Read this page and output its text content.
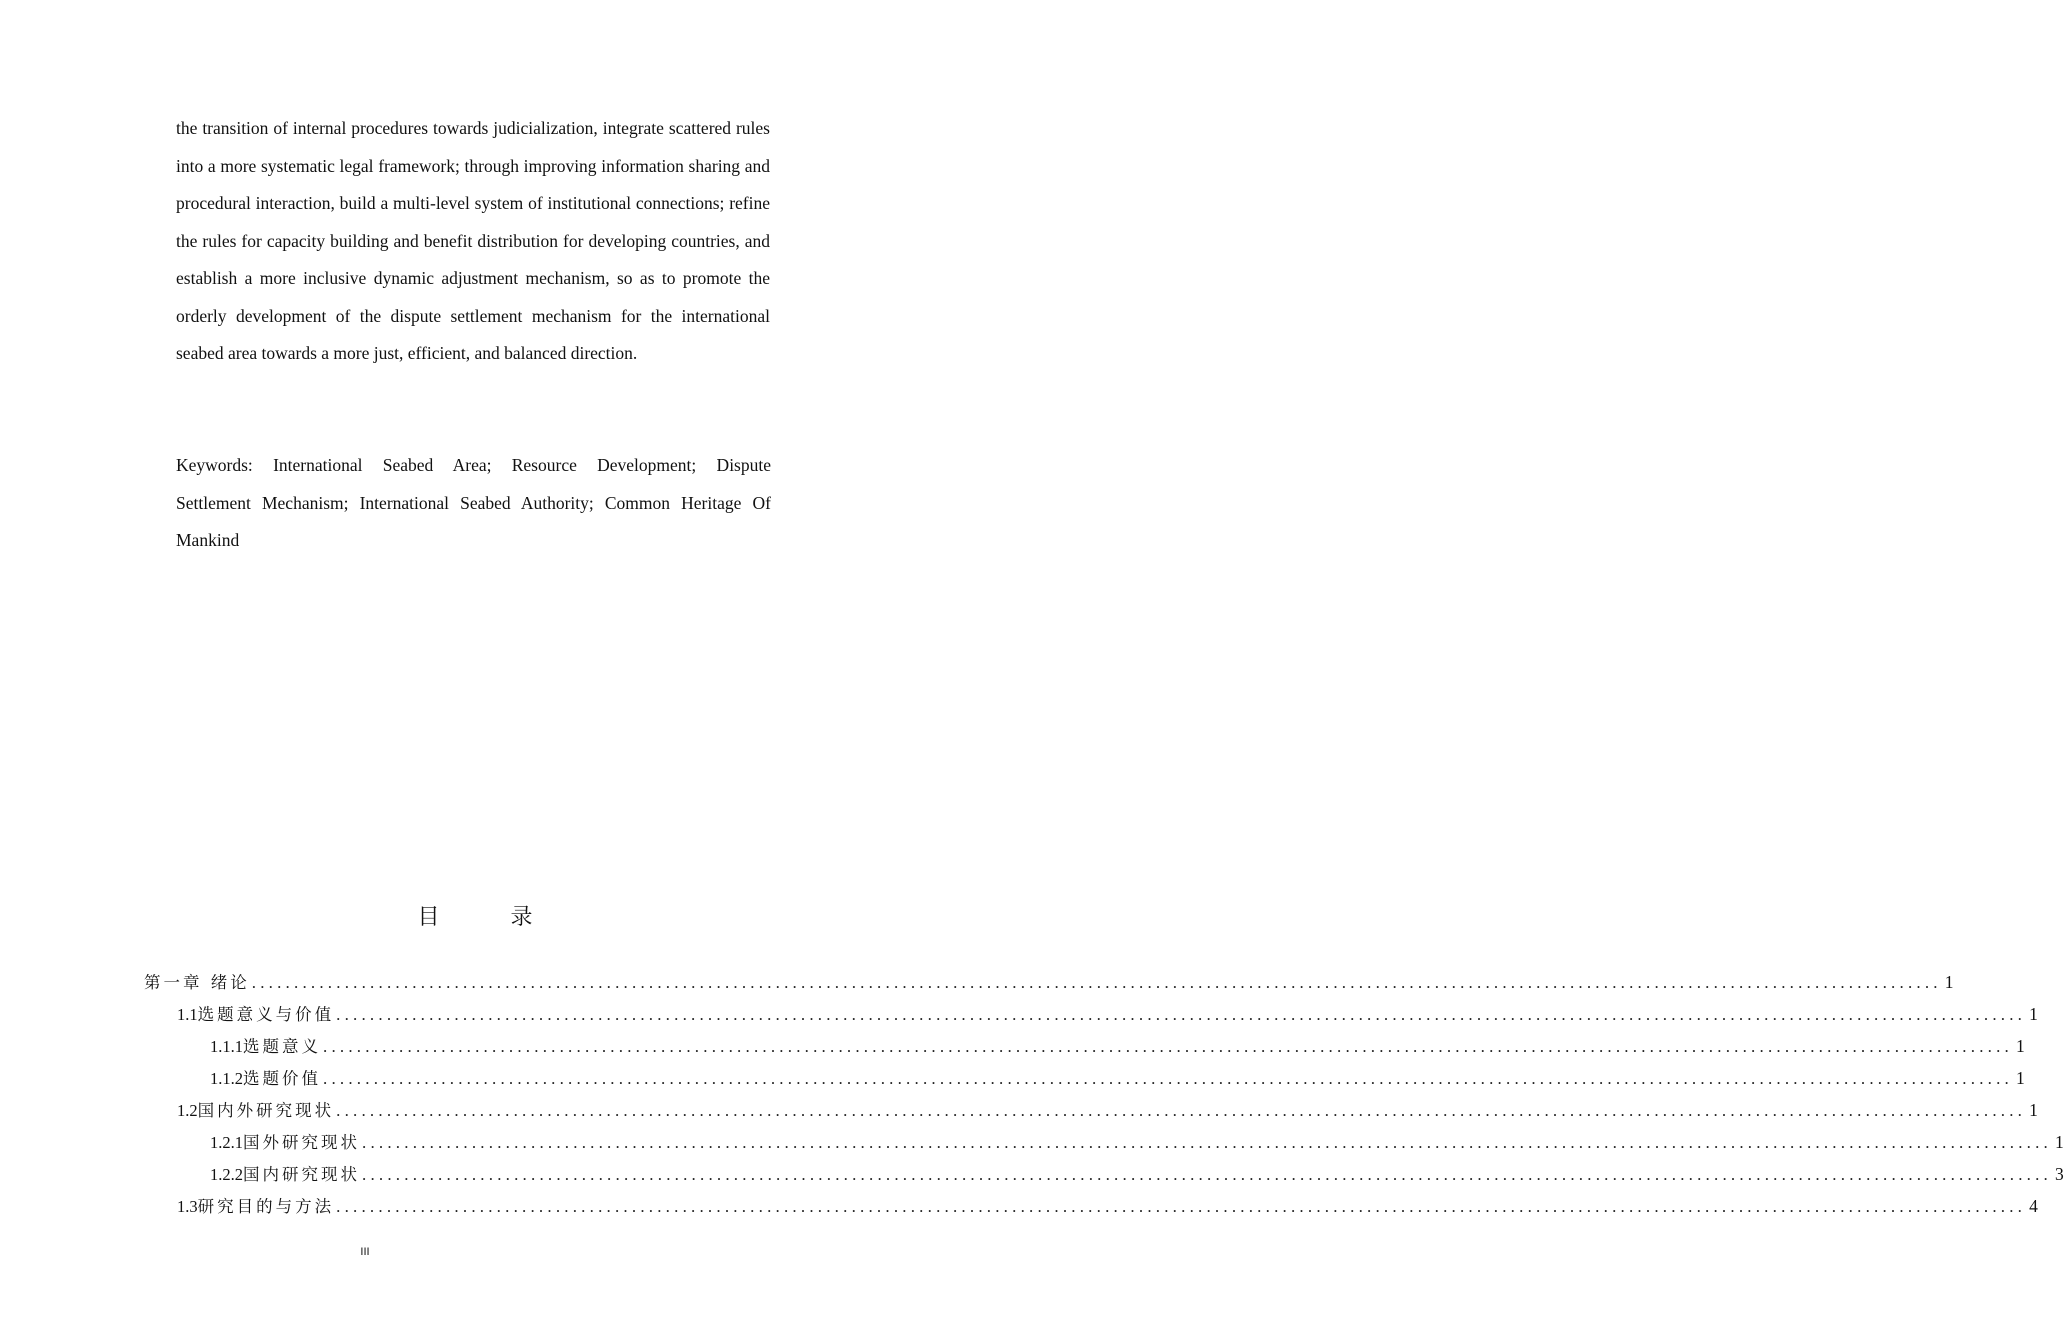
the transition of internal procedures towards judicialization, integrate scattered rules into a more systematic legal framework; through improving information sharing and procedural interaction, build a multi-level system of institutional connections; refine the rules for capacity building and benefit distribution for developing countries, and establish a more inclusive dynamic adjustment mechanism, so as to promote the orderly development of the dispute settlement mechanism for the international seabed area towards a more just, efficient, and balanced direction.

Keywords: International Seabed Area; Resource Development; Dispute Settlement Mechanism; International Seabed Authority; Common Heritage Of Mankind

目 录
第一章 绪论 ........................................................................................................................................................................................................ 1
1.1选题意义与价值 ........................................................................................................................................................................................................ 1
1.1.1选题意义 ........................................................................................................................................................................................................ 1
1.1.2选题价值 ........................................................................................................................................................................................................ 1
1.2国内外研究现状 ........................................................................................................................................................................................................ 1
1.2.1国外研究现状 ........................................................................................................................................................................................................ 1
1.2.2国内研究现状 ........................................................................................................................................................................................................ 3
1.3研究目的与方法 ........................................................................................................................................................................................................ 4

III
